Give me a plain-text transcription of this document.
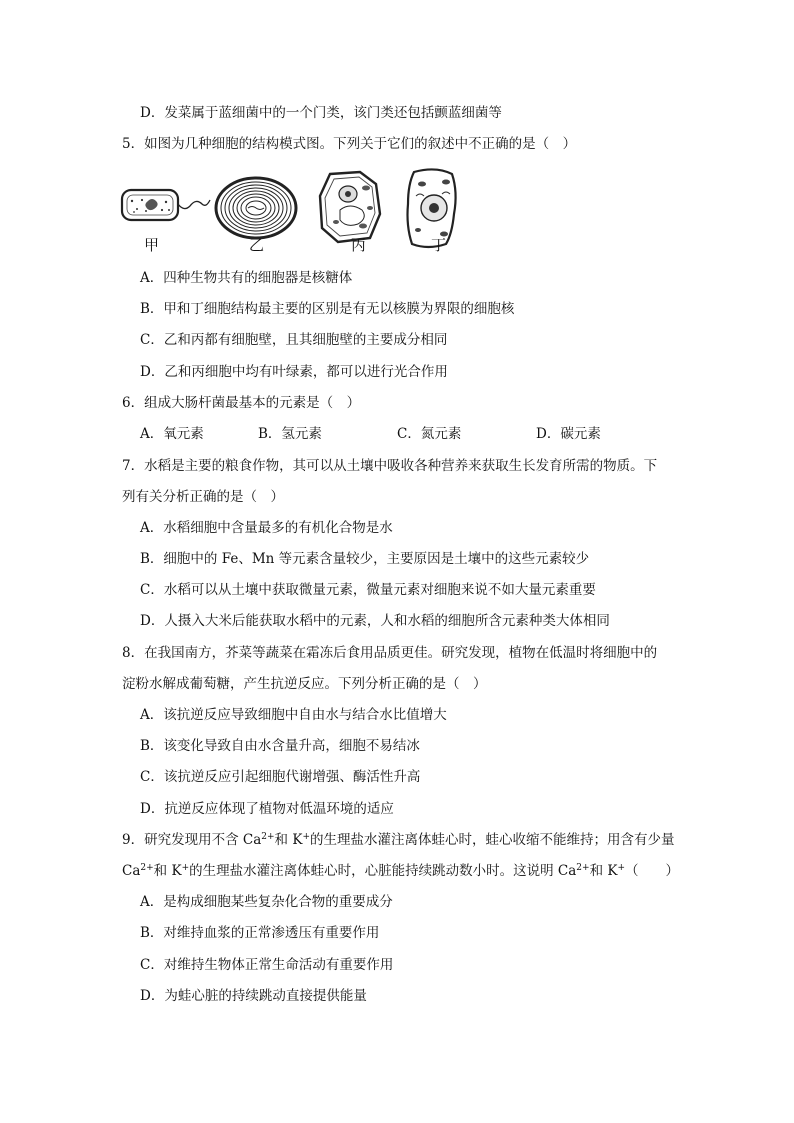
D．发菜属于蓝细菌中的一个门类，该门类还包括颤蓝细菌等
5．如图为几种细胞的结构模式图。下列关于它们的叙述中不正确的是（　）
甲	乙	丙	丁
A．四种生物共有的细胞器是核糖体
B．甲和丁细胞结构最主要的区别是有无以核膜为界限的细胞核
C．乙和丙都有细胞壁，且其细胞壁的主要成分相同
D．乙和丙细胞中均有叶绿素，都可以进行光合作用
6．组成大肠杆菌最基本的元素是（　）
A．氧元素	B．氢元素	C．氮元素	D．碳元素
7．水稻是主要的粮食作物，其可以从土壤中吸收各种营养来获取生长发育所需的物质。下
列有关分析正确的是（　）
A．水稻细胞中含量最多的有机化合物是水
B．细胞中的 Fe、Mn 等元素含量较少，主要原因是土壤中的这些元素较少
C．水稻可以从土壤中获取微量元素，微量元素对细胞来说不如大量元素重要
D．人摄入大米后能获取水稻中的元素，人和水稻的细胞所含元素种类大体相同
8．在我国南方，芥菜等蔬菜在霜冻后食用品质更佳。研究发现，植物在低温时将细胞中的
淀粉水解成葡萄糖，产生抗逆反应。下列分析正确的是（　）
A．该抗逆反应导致细胞中自由水与结合水比值增大
B．该变化导致自由水含量升高，细胞不易结冰
C．该抗逆反应引起细胞代谢增强、酶活性升高
D．抗逆反应体现了植物对低温环境的适应
9．研究发现用不含 $Ca^{2+}$和 K+的生理盐水灌注离体蛙心时，蛙心收缩不能维持；用含有少量
$Ca^{2+}$和 K+的生理盐水灌注离体蛙心时，心脏能持续跳动数小时。这说明 $Ca^{2+}$和 K+（　　）
A．是构成细胞某些复杂化合物的重要成分
B．对维持血浆的正常渗透压有重要作用
C．对维持生物体正常生命活动有重要作用
D．为蛙心脏的持续跳动直接提供能量
